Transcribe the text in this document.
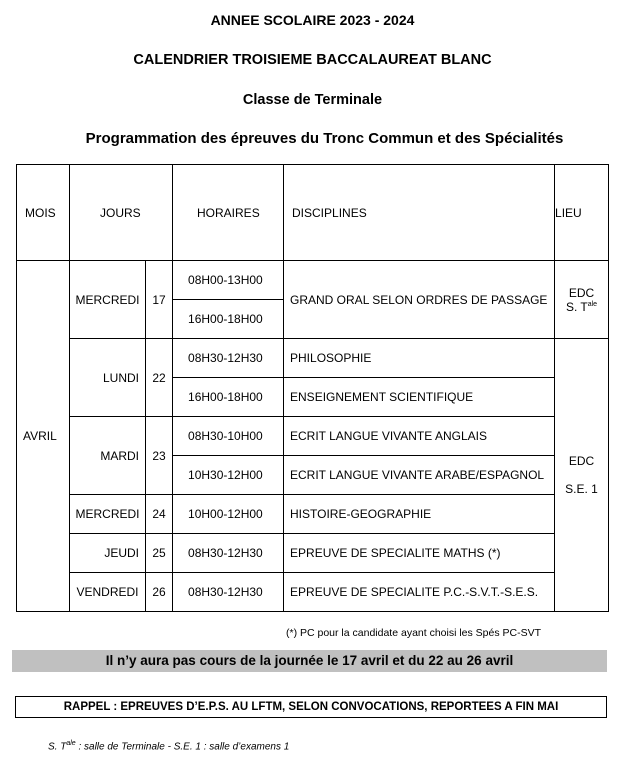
ANNEE SCOLAIRE 2023 - 2024
CALENDRIER TROISIEME BACCALAUREAT BLANC
Classe de Terminale
Programmation des épreuves du Tronc Commun et des Spécialités
MOIS	JOURS		HORAIRES	DISCIPLINES	LIEU
AVRIL	MERCREDI	17	08H00-13H00	GRAND ORAL SELON ORDRES DE PASSAGE	EDC
S. $T^{ale}$

			16H00-18H00		
	LUNDI	22	08H30-12H30	PHILOSOPHIE	EDC
S.E. 1

			16H00-18H00	ENSEIGNEMENT SCIENTIFIQUE	
	MARDI	23	08H30-10H00	ECRIT LANGUE VIVANTE ANGLAIS	
			10H30-12H00	ECRIT LANGUE VIVANTE ARABE/ESPAGNOL	
	MERCREDI	24	10H00-12H00	HISTOIRE-GEOGRAPHIE	
	JEUDI	25	08H30-12H30	EPREUVE DE SPECIALITE MATHS (*)	
	VENDREDI	26	08H30-12H30	EPREUVE DE SPECIALITE P.C.-S.V.T.-S.E.S.	
(*) PC pour la candidate ayant choisi les Spés PC-SVT
Il n’y aura pas cours de la journée le 17 avril et du 22 au 26 avril
RAPPEL : EPREUVES D’E.P.S. AU LFTM, SELON CONVOCATIONS, REPORTEES A FIN MAI
S. $T^{ale}$ : salle de Terminale - S.E. 1 : salle d’examens 1
